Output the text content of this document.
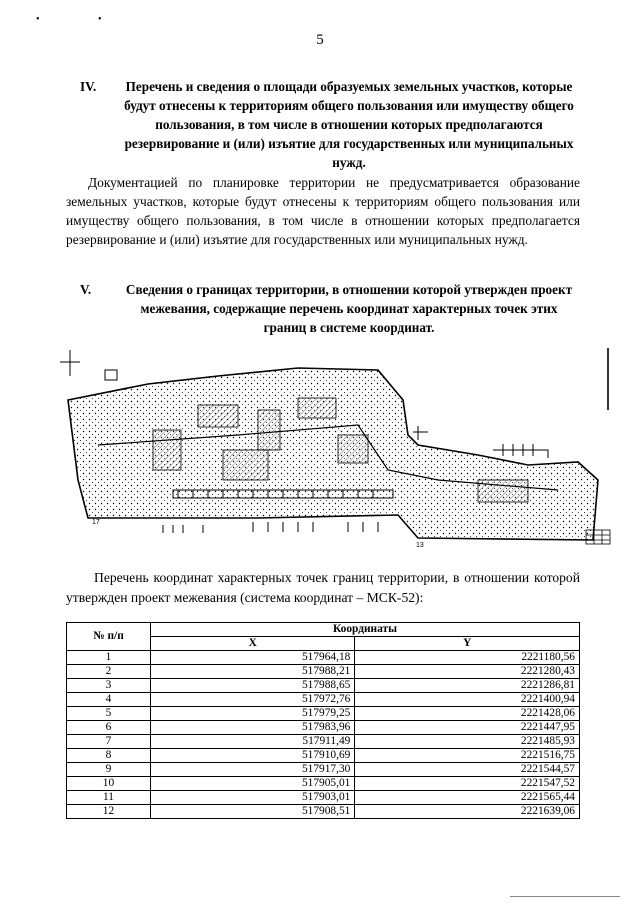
• •
5
IV.	Перечень и сведения о площади образуемых земельных участков, которые будут отнесены к территориям общего пользования или имуществу общего пользования, в том числе в отношении которых предполагаются резервирование и (или) изъятие для государственных или муниципальных нужд.
Документацией по планировке территории не предусматривается образование земельных участков, которые будут отнесены к территориям общего пользования или имуществу общего пользования, в том числе в отношении которых предполагается резервирование и (или) изъятие для государственных или муниципальных нужд.
V.	Сведения о границах территории, в отношении которой утвержден проект межевания, содержащие перечень координат характерных точек этих границ в системе координат.
17
13
Перечень координат характерных точек границ территории, в отношении которой утвержден проект межевания (система координат – МСК-52):
№ п/п	Координаты	
	X	Y
1	517964,18	2221180,56
2	517988,21	2221280,43
3	517988,65	2221286,81
4	517972,76	2221400,94
5	517979,25	2221428,06
6	517983,96	2221447,95
7	517911,49	2221485,93
8	517910,69	2221516,75
9	517917,30	2221544,57
10	517905,01	2221547,52
11	517903,01	2221565,44
12	517908,51	2221639,06
